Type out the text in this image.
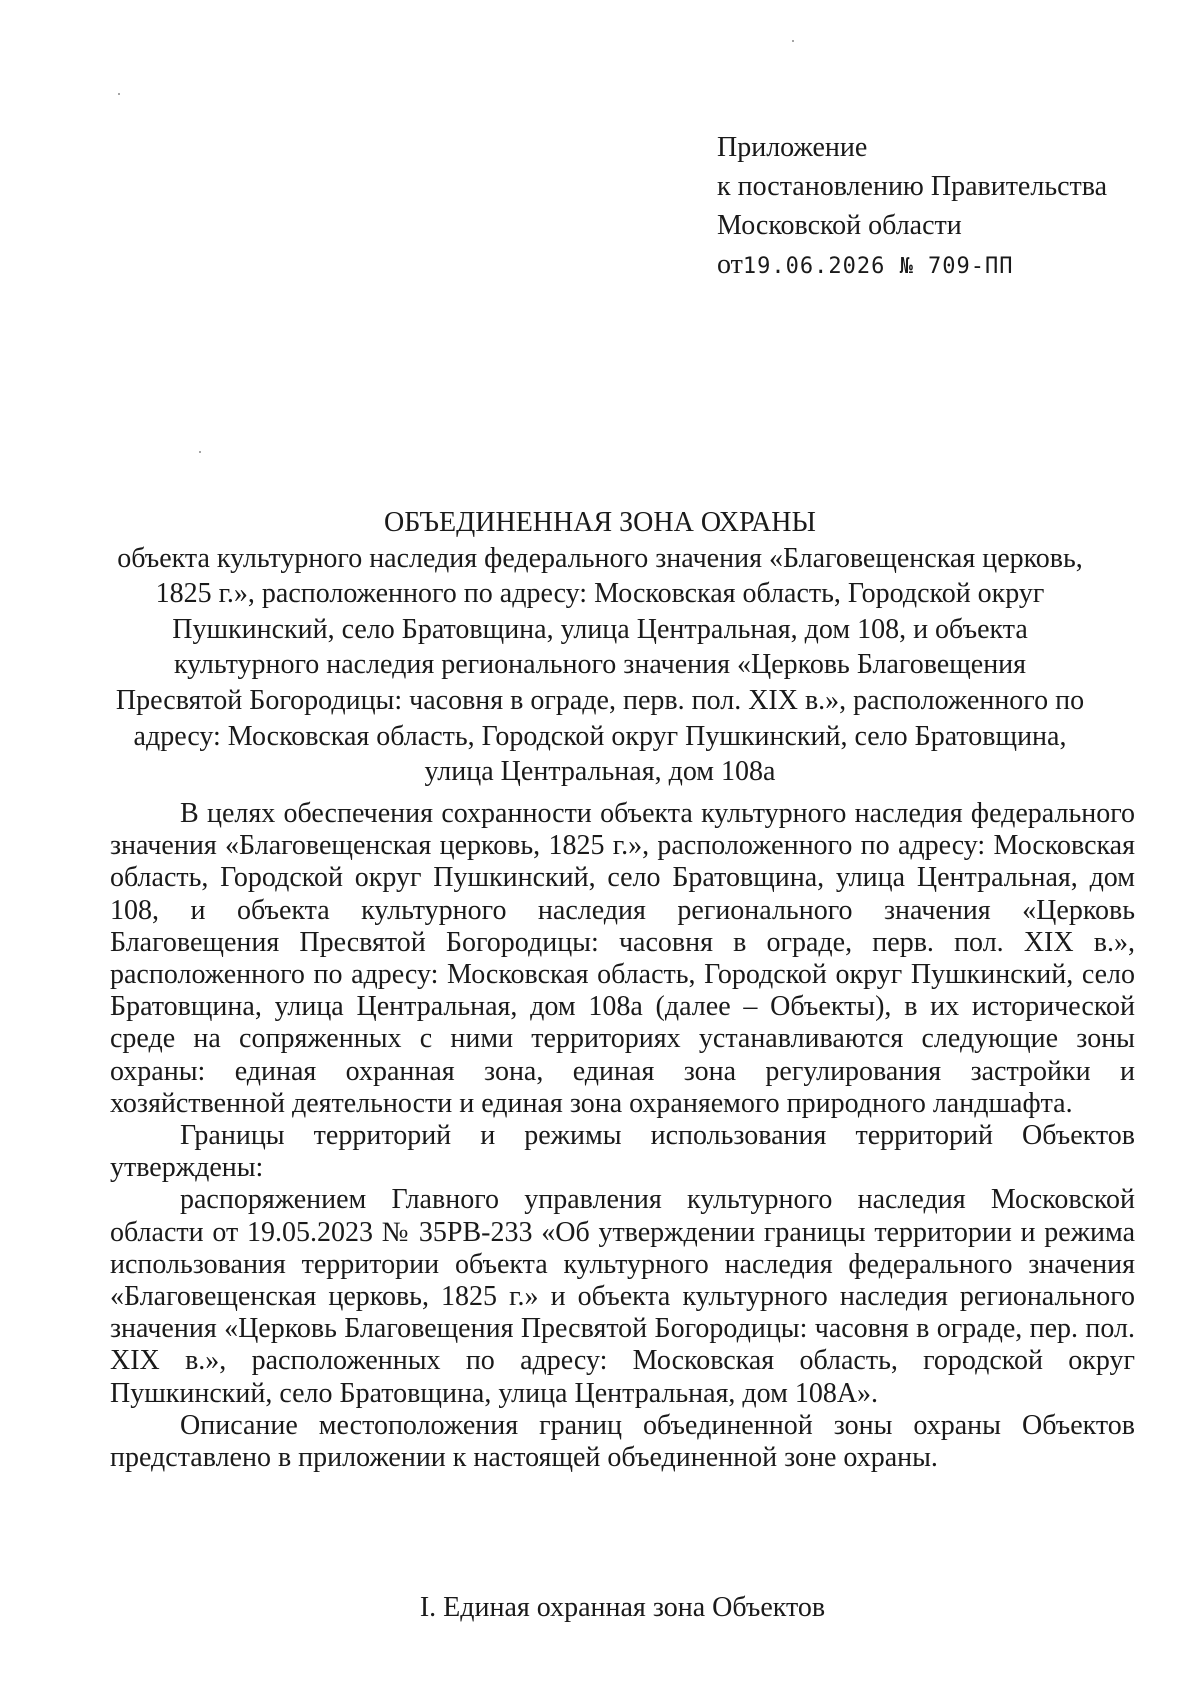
Приложение
к постановлению Правительства
Московской области
от19.06.2026 № 709-ПП
ОБЪЕДИНЕННАЯ ЗОНА ОХРАНЫ
объекта культурного наследия федерального значения «Благовещенская церковь, 1825 г.», расположенного по адресу: Московская область, Городской округ Пушкинский, село Братовщина, улица Центральная, дом 108, и объекта культурного наследия регионального значения «Церковь Благовещения Пресвятой Богородицы: часовня в ограде, перв. пол. XIX в.», расположенного по адресу: Московская область, Городской округ Пушкинский, село Братовщина, улица Центральная, дом 108а

В целях обеспечения сохранности объекта культурного наследия федерального значения «Благовещенская церковь, 1825 г.», расположенного по адресу: Московская область, Городской округ Пушкинский, село Братовщина, улица Центральная, дом 108, и объекта культурного наследия регионального значения «Церковь Благовещения Пресвятой Богородицы: часовня в ограде, перв. пол. XIX в.», расположенного по адресу: Московская область, Городской округ Пушкинский, село Братовщина, улица Центральная, дом 108а (далее – Объекты), в их исторической среде на сопряженных с ними территориях устанавливаются следующие зоны охраны: единая охранная зона, единая зона регулирования застройки и хозяйственной деятельности и единая зона охраняемого природного ландшафта.

Границы территорий и режимы использования территорий Объектов утверждены:

распоряжением Главного управления культурного наследия Московской области от 19.05.2023 № 35РВ-233 «Об утверждении границы территории и режима использования территории объекта культурного наследия федерального значения «Благовещенская церковь, 1825 г.» и объекта культурного наследия регионального значения «Церковь Благовещения Пресвятой Богородицы: часовня в ограде, пер. пол. XIX в.», расположенных по адресу: Московская область, городской округ Пушкинский, село Братовщина, улица Центральная, дом 108А».

Описание местоположения границ объединенной зоны охраны Объектов представлено в приложении к настоящей объединенной зоне охраны.

I. Единая охранная зона Объектов
